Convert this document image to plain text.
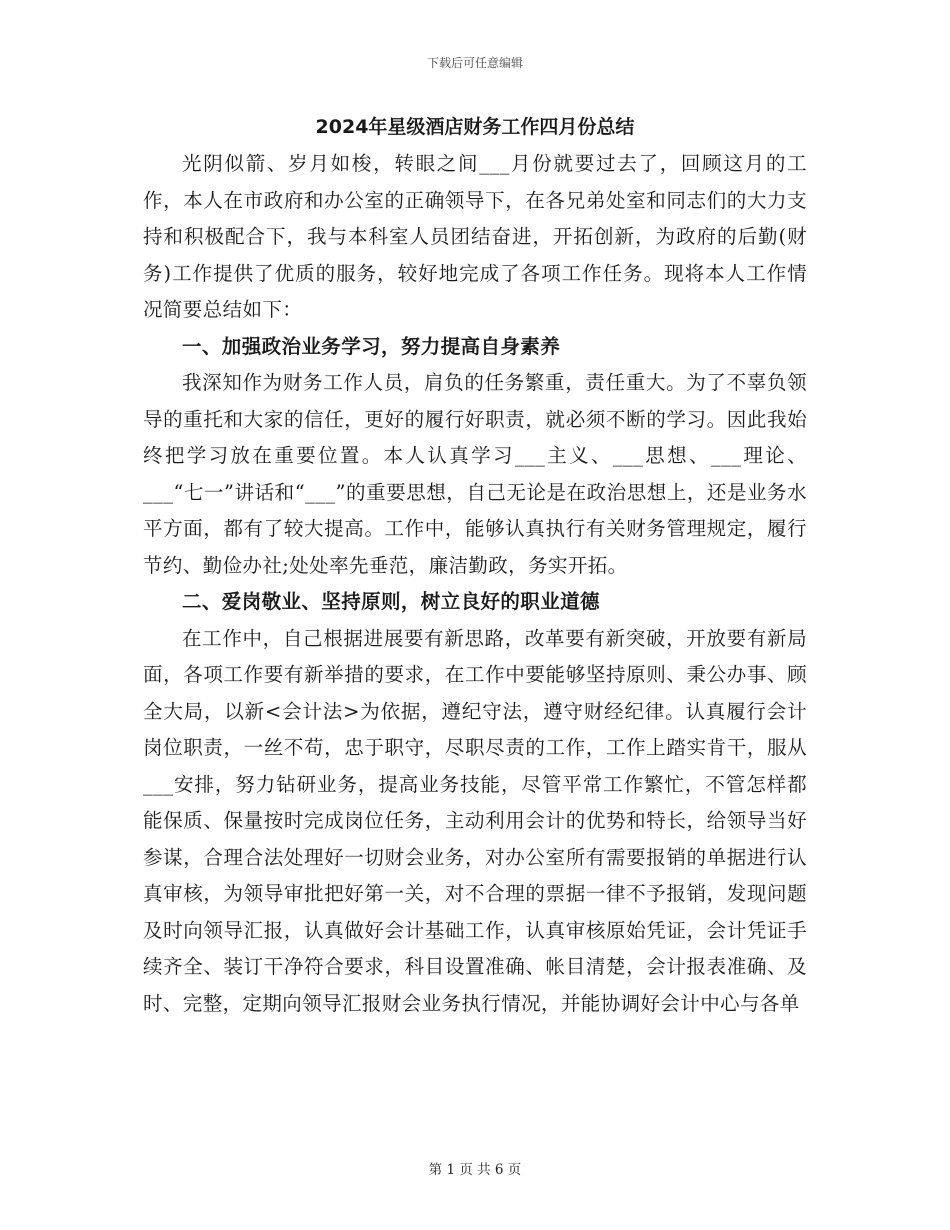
下载后可任意编辑
2024年星级酒店财务工作四月份总结

光阴似箭、岁月如梭，转眼之间___月份就要过去了，回顾这月的工作，本人在市政府和办公室的正确领导下，在各兄弟处室和同志们的大力支持和积极配合下，我与本科室人员团结奋进，开拓创新，为政府的后勤(财务)工作提供了优质的服务，较好地完成了各项工作任务。现将本人工作情况简要总结如下：

一、加强政治业务学习，努力提高自身素养

我深知作为财务工作人员，肩负的任务繁重，责任重大。为了不辜负领导的重托和大家的信任，更好的履行好职责，就必须不断的学习。因此我始终把学习放在重要位置。本人认真学习___主义、___思想、___理论、___“七一”讲话和“___”的重要思想，自己无论是在政治思想上，还是业务水平方面，都有了较大提高。工作中，能够认真执行有关财务管理规定，履行节约、勤俭办社;处处率先垂范，廉洁勤政，务实开拓。

二、爱岗敬业、坚持原则，树立良好的职业道德

在工作中，自己根据进展要有新思路，改革要有新突破，开放要有新局面，各项工作要有新举措的要求，在工作中要能够坚持原则、秉公办事、顾全大局，以新<会计法>为依据，遵纪守法，遵守财经纪律。认真履行会计岗位职责，一丝不苟，忠于职守，尽职尽责的工作，工作上踏实肯干，服从___安排，努力钻研业务，提高业务技能，尽管平常工作繁忙，不管怎样都能保质、保量按时完成岗位任务，主动利用会计的优势和特长，给领导当好参谋，合理合法处理好一切财会业务，对办公室所有需要报销的单据进行认真审核，为领导审批把好第一关，对不合理的票据一律不予报销，发现问题及时向领导汇报，认真做好会计基础工作，认真审核原始凭证，会计凭证手续齐全、装订干净符合要求，科目设置准确、帐目清楚，会计报表准确、及时、完整，定期向领导汇报财会业务执行情况，并能协调好会计中心与各单

第 1 页 共 6 页
